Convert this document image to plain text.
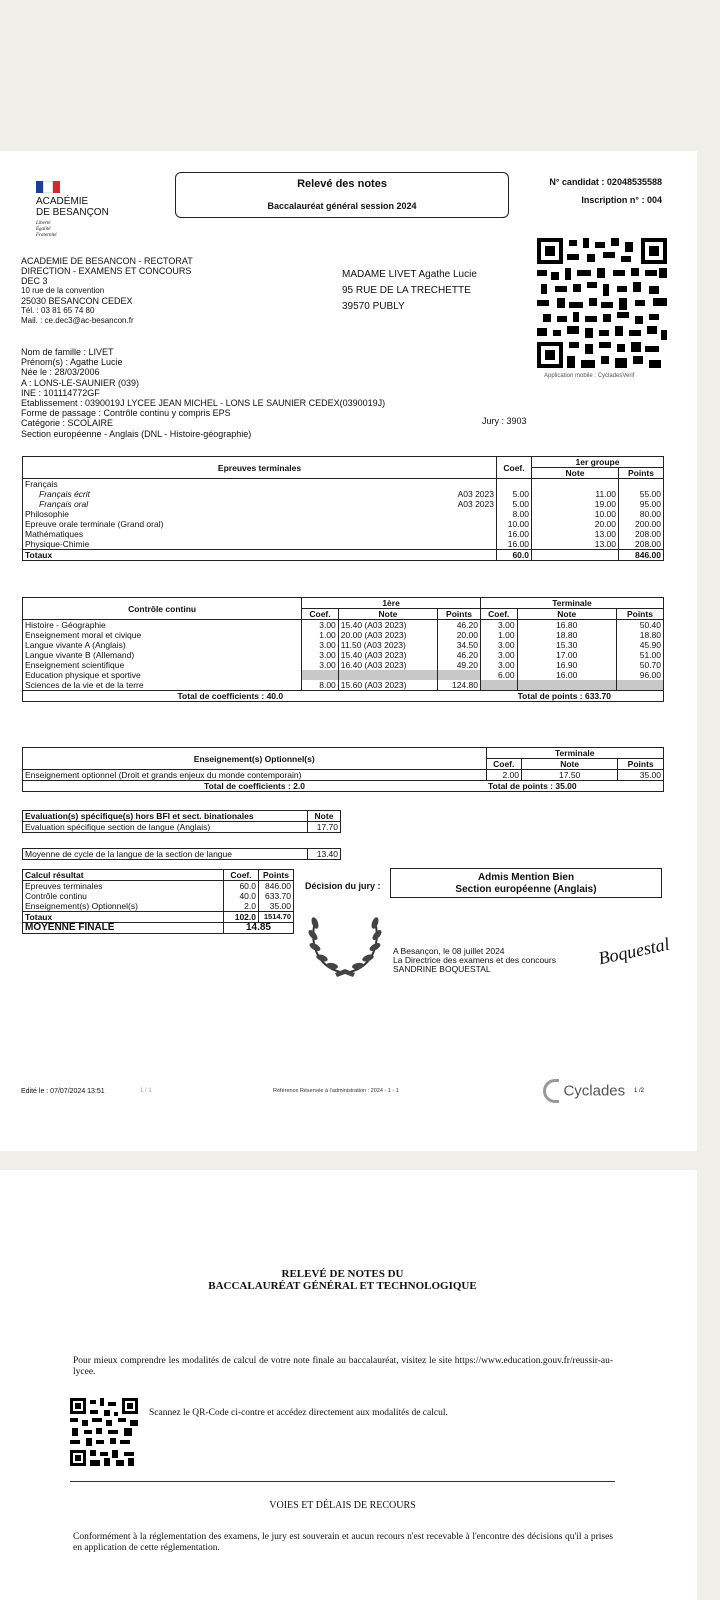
ACADÉMIE
DE BESANÇON
Liberté
Égalité
Fraternité
Relevé des notes
Baccalauréat général session 2024
N° candidat : 02048535588
Inscription n° : 004
Application mobile : CycladesVerif
ACADEMIE DE BESANCON - RECTORAT
DIRECTION - EXAMENS ET CONCOURS
DEC 3
10 rue de la convention
25030 BESANCON CEDEX
Tél. : 03 81 65 74 80
Mail. : ce.dec3@ac-besancon.fr
MADAME LIVET Agathe Lucie
95 RUE DE LA TRECHETTE
39570 PUBLY
Nom de famille : LIVET
Prénom(s) : Agathe Lucie
Née le : 28/03/2006
A : LONS-LE-SAUNIER (039)
INE : 101114772GF
Etablissement : 0390019J LYCEE JEAN MICHEL - LONS LE SAUNIER CEDEX(0390019J)
Forme de passage : Contrôle continu y compris EPS
Catégorie : SCOLAIRE
Section européenne - Anglais (DNL - Histoire-géographie)
Jury : 3903
Epreuves terminales		Coef.	1er groupe	
			Note	Points
Français				
Français écrit	A03 2023	5.00	11.00	55.00
Français oral	A03 2023	5.00	19.00	95.00
Philosophie		8.00	10.00	80.00
Epreuve orale terminale (Grand oral)		10.00	20.00	200.00
Mathématiques		16.00	13.00	208.00
Physique-Chimie		16.00	13.00	208.00
Totaux		60.0		846.00
Contrôle continu	1ère			Terminale		
	Coef.	Note	Points	Coef.	Note	Points
Histoire - Géographie	3.00	15.40 (A03 2023)	46.20	3.00	16.80	50.40
Enseignement moral et civique	1.00	20.00 (A03 2023)	20.00	1.00	18.80	18.80
Langue vivante A (Anglais)	3.00	11.50 (A03 2023)	34.50	3.00	15.30	45.90
Langue vivante B (Allemand)	3.00	15.40 (A03 2023)	46.20	3.00	17.00	51.00
Enseignement scientifique	3.00	16.40 (A03 2023)	49.20	3.00	16.90	50.70
Education physique et sportive				6.00	16.00	96.00
Sciences de la vie et de la terre	8.00	15.60 (A03 2023)	124.80			
Total de coefficients : 40.0			Total de points : 633.70			
Enseignement(s) Optionnel(s)	Terminale		
	Coef.	Note	Points
Enseignement optionnel (Droit et grands enjeux du monde contemporain)	2.00	17.50	35.00
Total de coefficients : 2.0	Total de points : 35.00		
Evaluation(s) spécifique(s) hors BFI et sect. binationales	Note
Evaluation spécifique section de langue (Anglais)	17.70
Moyenne de cycle de la langue de la section de langue	13.40
Calcul résultat	Coef.	Points
Epreuves terminales	60.0	846.00
Contrôle continu	40.0	633.70
Enseignement(s) Optionnel(s)	2.0	35.00
Totaux	102.0	1514.70
MOYENNE FINALE	14.85	
Décision du jury :
Admis Mention Bien
Section européenne (Anglais)
A Besançon, le 08 juillet 2024
La Directrice des examens et des concours
SANDRINE BOQUESTAL
Boquestal
Edité le : 07/07/2024 13:51	1 / 1	Référence Réservée à l'administration : 2024 - 1 - 1	Cyclades 1 /2
RELEVÉ DE NOTES DU
BACCALAURÉAT GÉNÉRAL ET TECHNOLOGIQUE
Pour mieux comprendre les modalités de calcul de votre note finale au baccalauréat, visitez le site https://www.education.gouv.fr/reussir-au-lycee.
Scannez le QR-Code ci-contre et accédez directement aux modalités de calcul.
VOIES ET DÉLAIS DE RECOURS
Conformément à la réglementation des examens, le jury est souverain et aucun recours n'est recevable à l'encontre des décisions qu'il a prises en application de cette réglementation.
